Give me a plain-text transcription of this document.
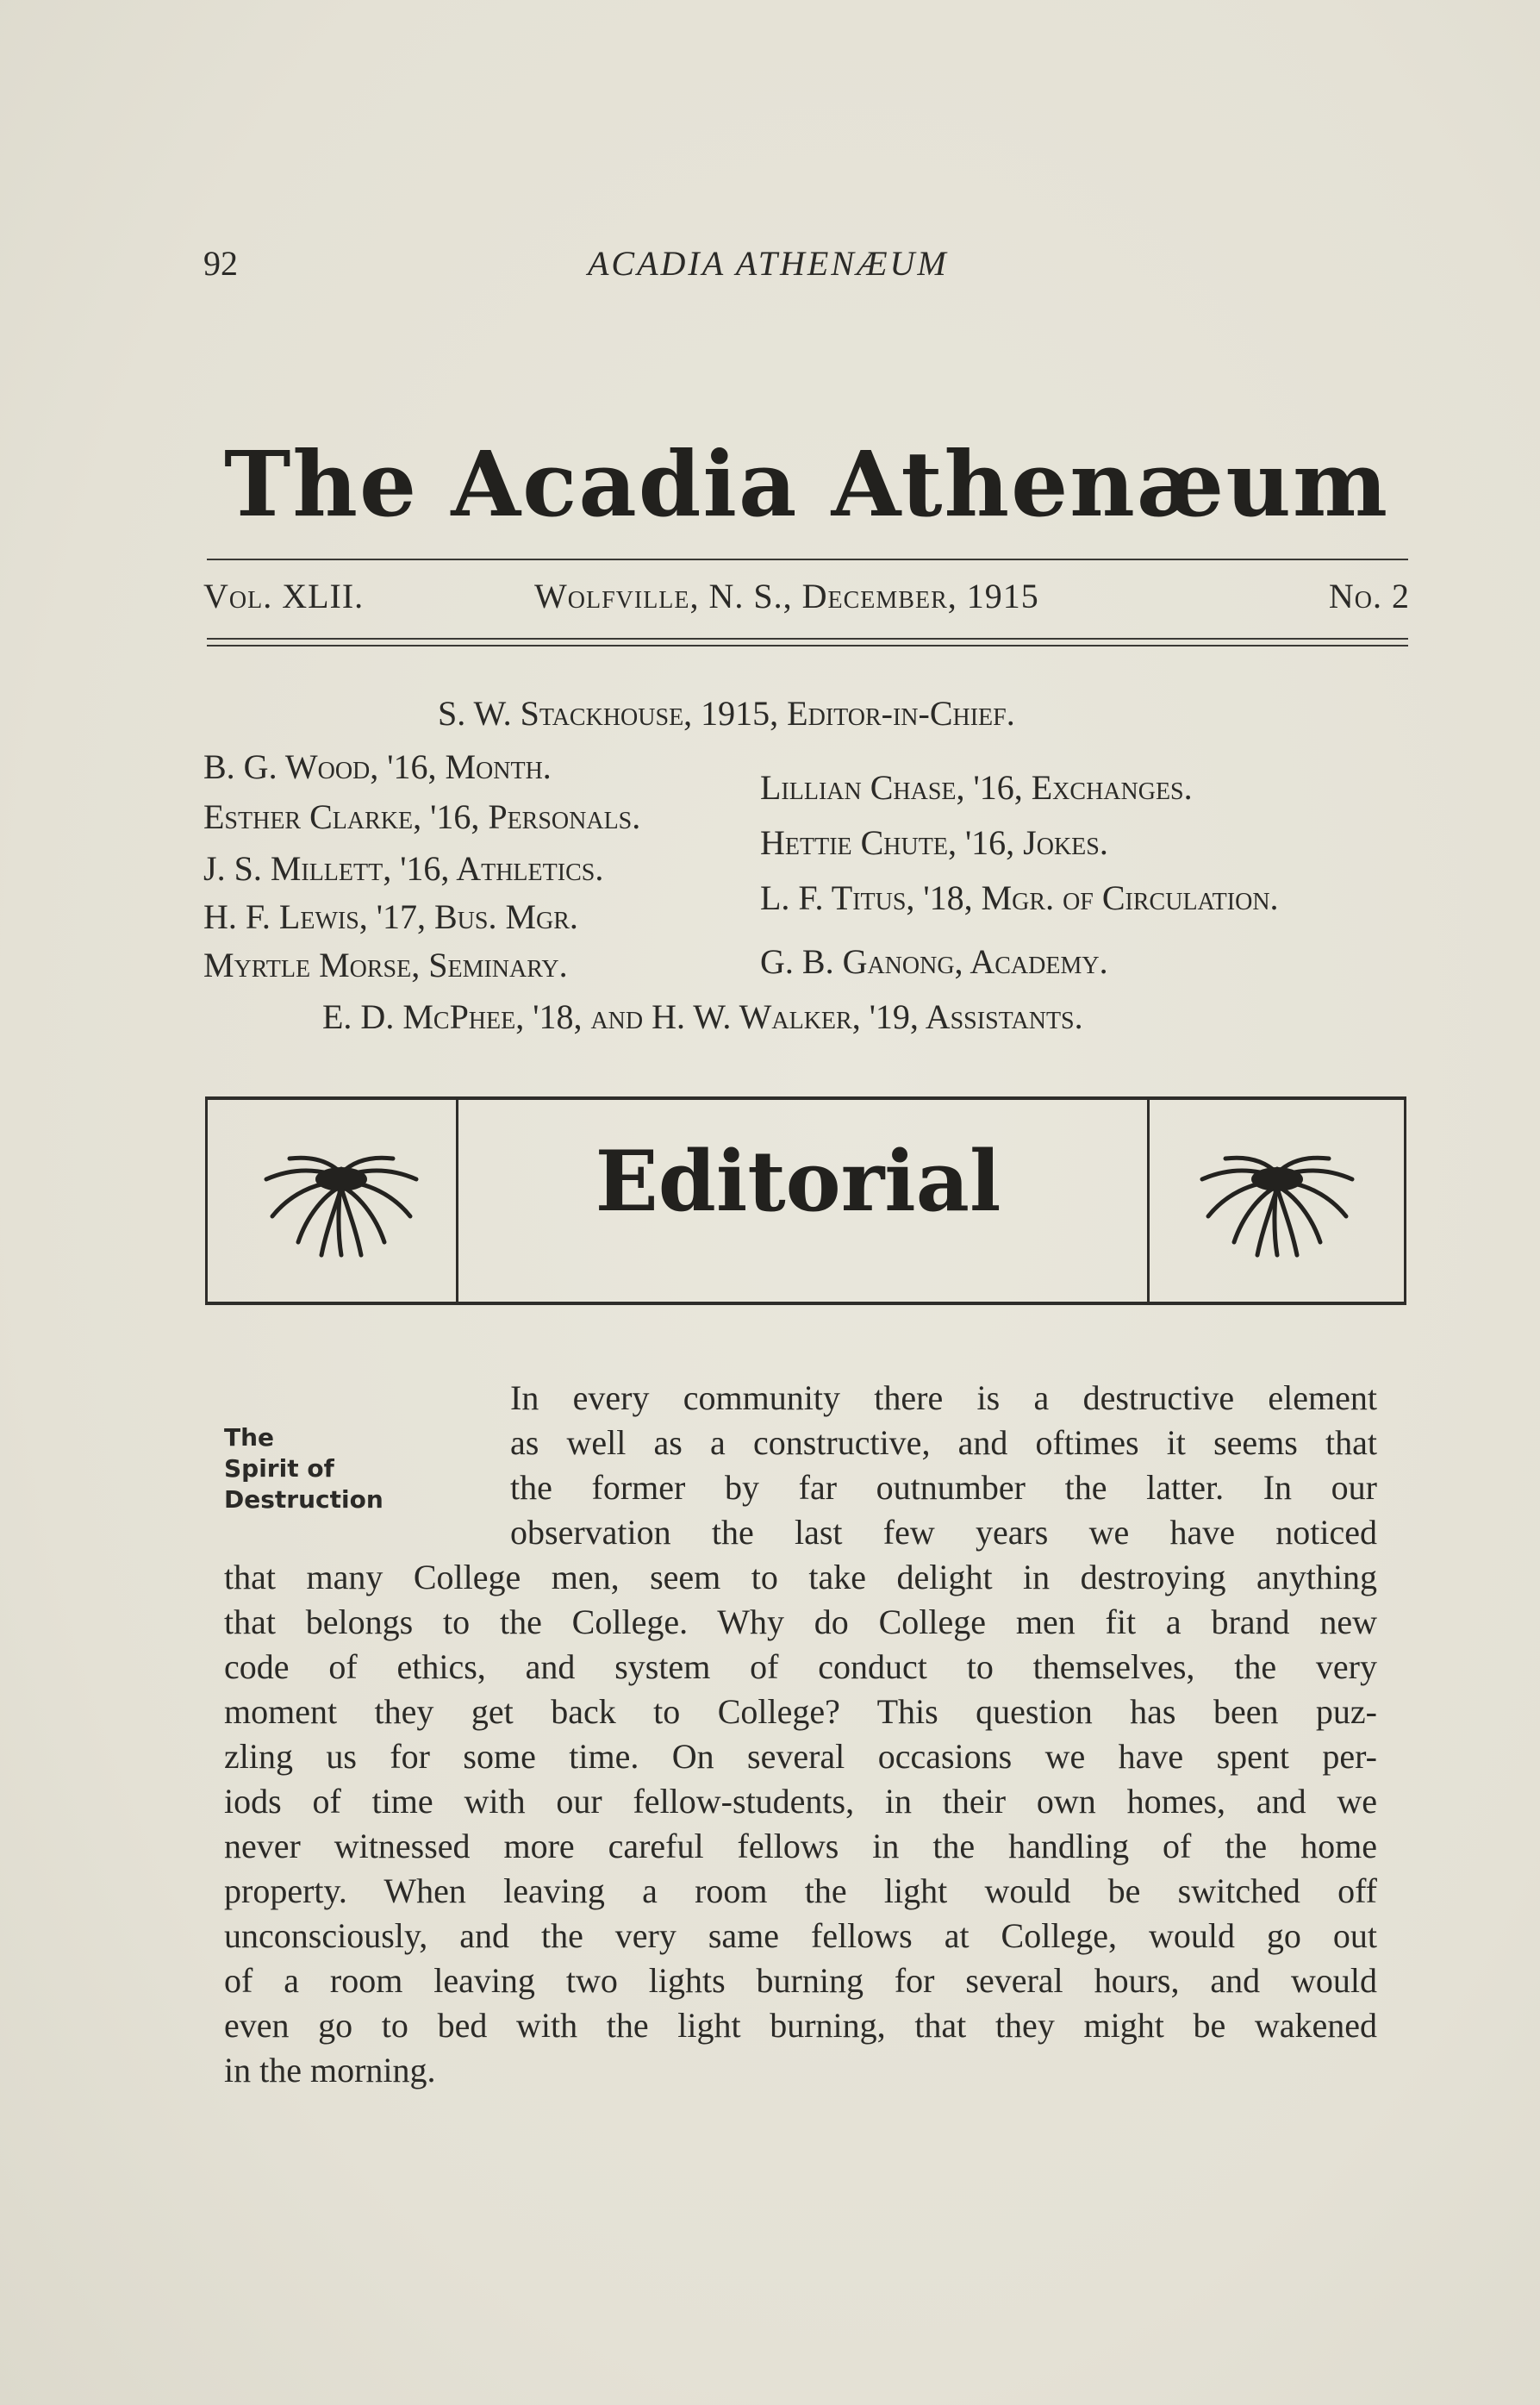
92	ACADIA ATHENÆUM
The Acadia Athenæum
Vol. XLII.	Wolfville, N. S., December, 1915	No. 2
S. W. Stackhouse, 1915, Editor-in-Chief.
B. G. Wood, '16, Month.
Esther Clarke, '16, Personals.
J. S. Millett, '16, Athletics.
H. F. Lewis, '17, Bus. Mgr.
Myrtle Morse, Seminary.
Lillian Chase, '16, Exchanges.
Hettie Chute, '16, Jokes.
L. F. Titus, '18, Mgr. of Circulation.
G. B. Ganong, Academy.
E. D. McPhee, '18, and H. W. Walker, '19, Assistants.
Editorial
The
Spirit of
Destruction
In every community there is a destructive element
as well as a constructive, and oftimes it seems that
the former by far outnumber the latter. In our
observation the last few years we have noticed
that many College men, seem to take delight in destroying anything
that belongs to the College. Why do College men fit a brand new
code of ethics, and system of conduct to themselves, the very
moment they get back to College? This question has been puz-
zling us for some time. On several occasions we have spent per-
iods of time with our fellow-students, in their own homes, and we
never witnessed more careful fellows in the handling of the home
property. When leaving a room the light would be switched off
unconsciously, and the very same fellows at College, would go out
of a room leaving two lights burning for several hours, and would
even go to bed with the light burning, that they might be wakened
in the morning.
